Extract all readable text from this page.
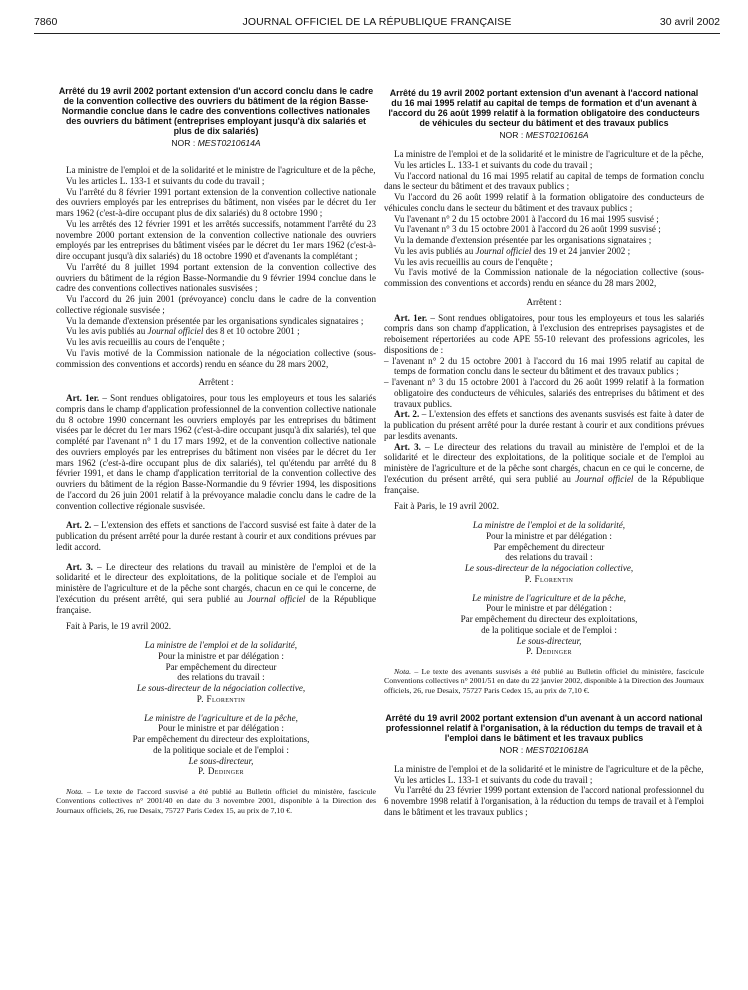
7860	JOURNAL OFFICIEL DE LA RÉPUBLIQUE FRANÇAISE	30 avril 2002
Arrêté du 19 avril 2002 portant extension d'un accord conclu dans le cadre de la convention collective des ouvriers du bâtiment de la région Basse-Normandie conclue dans le cadre des conventions collectives nationales des ouvriers du bâtiment (entreprises employant jusqu'à dix salariés et plus de dix salariés)
NOR : MEST0210614A

La ministre de l'emploi et de la solidarité et le ministre de l'agriculture et de la pêche,

Vu les articles L. 133-1 et suivants du code du travail ;

Vu l'arrêté du 8 février 1991 portant extension de la convention collective nationale des ouvriers employés par les entreprises du bâtiment, non visées par le décret du 1er mars 1962 (c'est-à-dire occupant plus de dix salariés) du 8 octobre 1990 ;

Vu les arrêtés des 12 février 1991 et les arrêtés successifs, notamment l'arrêté du 23 novembre 2000 portant extension de la convention collective nationale des ouvriers employés par les entreprises du bâtiment visées par le décret du 1er mars 1962 (c'est-à-dire occupant jusqu'à dix salariés) du 18 octobre 1990 et d'avenants la complétant ;

Vu l'arrêté du 8 juillet 1994 portant extension de la convention collective des ouvriers du bâtiment de la région Basse-Normandie du 9 février 1994 conclue dans le cadre des conventions collectives nationales susvisées ;

Vu l'accord du 26 juin 2001 (prévoyance) conclu dans le cadre de la convention collective régionale susvisée ;

Vu la demande d'extension présentée par les organisations syndicales signataires ;

Vu les avis publiés au Journal officiel des 8 et 10 octobre 2001 ;

Vu les avis recueillis au cours de l'enquête ;

Vu l'avis motivé de la Commission nationale de la négociation collective (sous-commission des conventions et accords) rendu en séance du 28 mars 2002,

Arrêtent :

Art. 1er. – Sont rendues obligatoires, pour tous les employeurs et tous les salariés compris dans le champ d'application professionnel de la convention collective nationale du 8 octobre 1990 concernant les ouvriers employés par les entreprises du bâtiment visées par le décret du 1er mars 1962 (c'est-à-dire occupant jusqu'à dix salariés), tel que complété par l'avenant n° 1 du 17 mars 1992, et de la convention collective nationale des ouvriers employés par les entreprises du bâtiment non visées par le décret du 1er mars 1962 (c'est-à-dire occupant plus de dix salariés), tel qu'étendu par arrêté du 8 février 1991, et dans le champ d'application territorial de la convention collective des ouvriers du bâtiment de la région Basse-Normandie du 9 février 1994, les dispositions de l'accord du 26 juin 2001 relatif à la prévoyance maladie conclu dans le cadre de la convention collective régionale susvisée.

Art. 2. – L'extension des effets et sanctions de l'accord susvisé est faite à dater de la publication du présent arrêté pour la durée restant à courir et aux conditions prévues par ledit accord.

Art. 3. – Le directeur des relations du travail au ministère de l'emploi et de la solidarité et le directeur des exploitations, de la politique sociale et de l'emploi au ministère de l'agriculture et de la pêche sont chargés, chacun en ce qui le concerne, de l'exécution du présent arrêté, qui sera publié au Journal officiel de la République française.

Fait à Paris, le 19 avril 2002.

La ministre de l'emploi et de la solidarité,

Pour la ministre et par délégation :

Par empêchement du directeur

des relations du travail :

Le sous-directeur de la négociation collective,

P. Florentin

Le ministre de l'agriculture et de la pêche,

Pour le ministre et par délégation :

Par empêchement du directeur des exploitations,

de la politique sociale et de l'emploi :

Le sous-directeur,

P. Dedinger

Nota. – Le texte de l'accord susvisé a été publié au Bulletin officiel du ministère, fascicule Conventions collectives n° 2001/40 en date du 3 novembre 2001, disponible à la Direction des Journaux officiels, 26, rue Desaix, 75727 Paris Cedex 15, au prix de 7,10 €.

Arrêté du 19 avril 2002 portant extension d'un avenant à l'accord national du 16 mai 1995 relatif au capital de temps de formation et d'un avenant à l'accord du 26 août 1999 relatif à la formation obligatoire des conducteurs de véhicules du secteur du bâtiment et des travaux publics
NOR : MEST0210616A

La ministre de l'emploi et de la solidarité et le ministre de l'agriculture et de la pêche,

Vu les articles L. 133-1 et suivants du code du travail ;

Vu l'accord national du 16 mai 1995 relatif au capital de temps de formation conclu dans le secteur du bâtiment et des travaux publics ;

Vu l'accord du 26 août 1999 relatif à la formation obligatoire des conducteurs de véhicules conclu dans le secteur du bâtiment et des travaux publics ;

Vu l'avenant n° 2 du 15 octobre 2001 à l'accord du 16 mai 1995 susvisé ;

Vu l'avenant n° 3 du 15 octobre 2001 à l'accord du 26 août 1999 susvisé ;

Vu la demande d'extension présentée par les organisations signataires ;

Vu les avis publiés au Journal officiel des 19 et 24 janvier 2002 ;

Vu les avis recueillis au cours de l'enquête ;

Vu l'avis motivé de la Commission nationale de la négociation collective (sous-commission des conventions et accords) rendu en séance du 28 mars 2002,

Arrêtent :

Art. 1er. – Sont rendues obligatoires, pour tous les employeurs et tous les salariés compris dans son champ d'application, à l'exclusion des entreprises paysagistes et de reboisement répertoriées au code APE 55-10 relevant des professions agricoles, les dispositions de :

– l'avenant n° 2 du 15 octobre 2001 à l'accord du 16 mai 1995 relatif au capital de temps de formation conclu dans le secteur du bâtiment et des travaux publics ;

– l'avenant n° 3 du 15 octobre 2001 à l'accord du 26 août 1999 relatif à la formation obligatoire des conducteurs de véhicules, salariés des entreprises du bâtiment et des travaux publics.

Art. 2. – L'extension des effets et sanctions des avenants susvisés est faite à dater de la publication du présent arrêté pour la durée restant à courir et aux conditions prévues par lesdits avenants.

Art. 3. – Le directeur des relations du travail au ministère de l'emploi et de la solidarité et le directeur des exploitations, de la politique sociale et de l'emploi au ministère de l'agriculture et de la pêche sont chargés, chacun en ce qui le concerne, de l'exécution du présent arrêté, qui sera publié au Journal officiel de la République française.

Fait à Paris, le 19 avril 2002.

La ministre de l'emploi et de la solidarité,

Pour la ministre et par délégation :

Par empêchement du directeur

des relations du travail :

Le sous-directeur de la négociation collective,

P. Florentin

Le ministre de l'agriculture et de la pêche,

Pour le ministre et par délégation :

Par empêchement du directeur des exploitations,

de la politique sociale et de l'emploi :

Le sous-directeur,

P. Dedinger

Nota. – Le texte des avenants susvisés a été publié au Bulletin officiel du ministère, fascicule Conventions collectives n° 2001/51 en date du 22 janvier 2002, disponible à la Direction des Journaux officiels, 26, rue Desaix, 75727 Paris Cedex 15, au prix de 7,10 €.

Arrêté du 19 avril 2002 portant extension d'un avenant à un accord national professionnel relatif à l'organisation, à la réduction du temps de travail et à l'emploi dans le bâtiment et les travaux publics
NOR : MEST0210618A

La ministre de l'emploi et de la solidarité et le ministre de l'agriculture et de la pêche,

Vu les articles L. 133-1 et suivants du code du travail ;

Vu l'arrêté du 23 février 1999 portant extension de l'accord national professionnel du 6 novembre 1998 relatif à l'organisation, à la réduction du temps de travail et à l'emploi dans le bâtiment et les travaux publics ;
